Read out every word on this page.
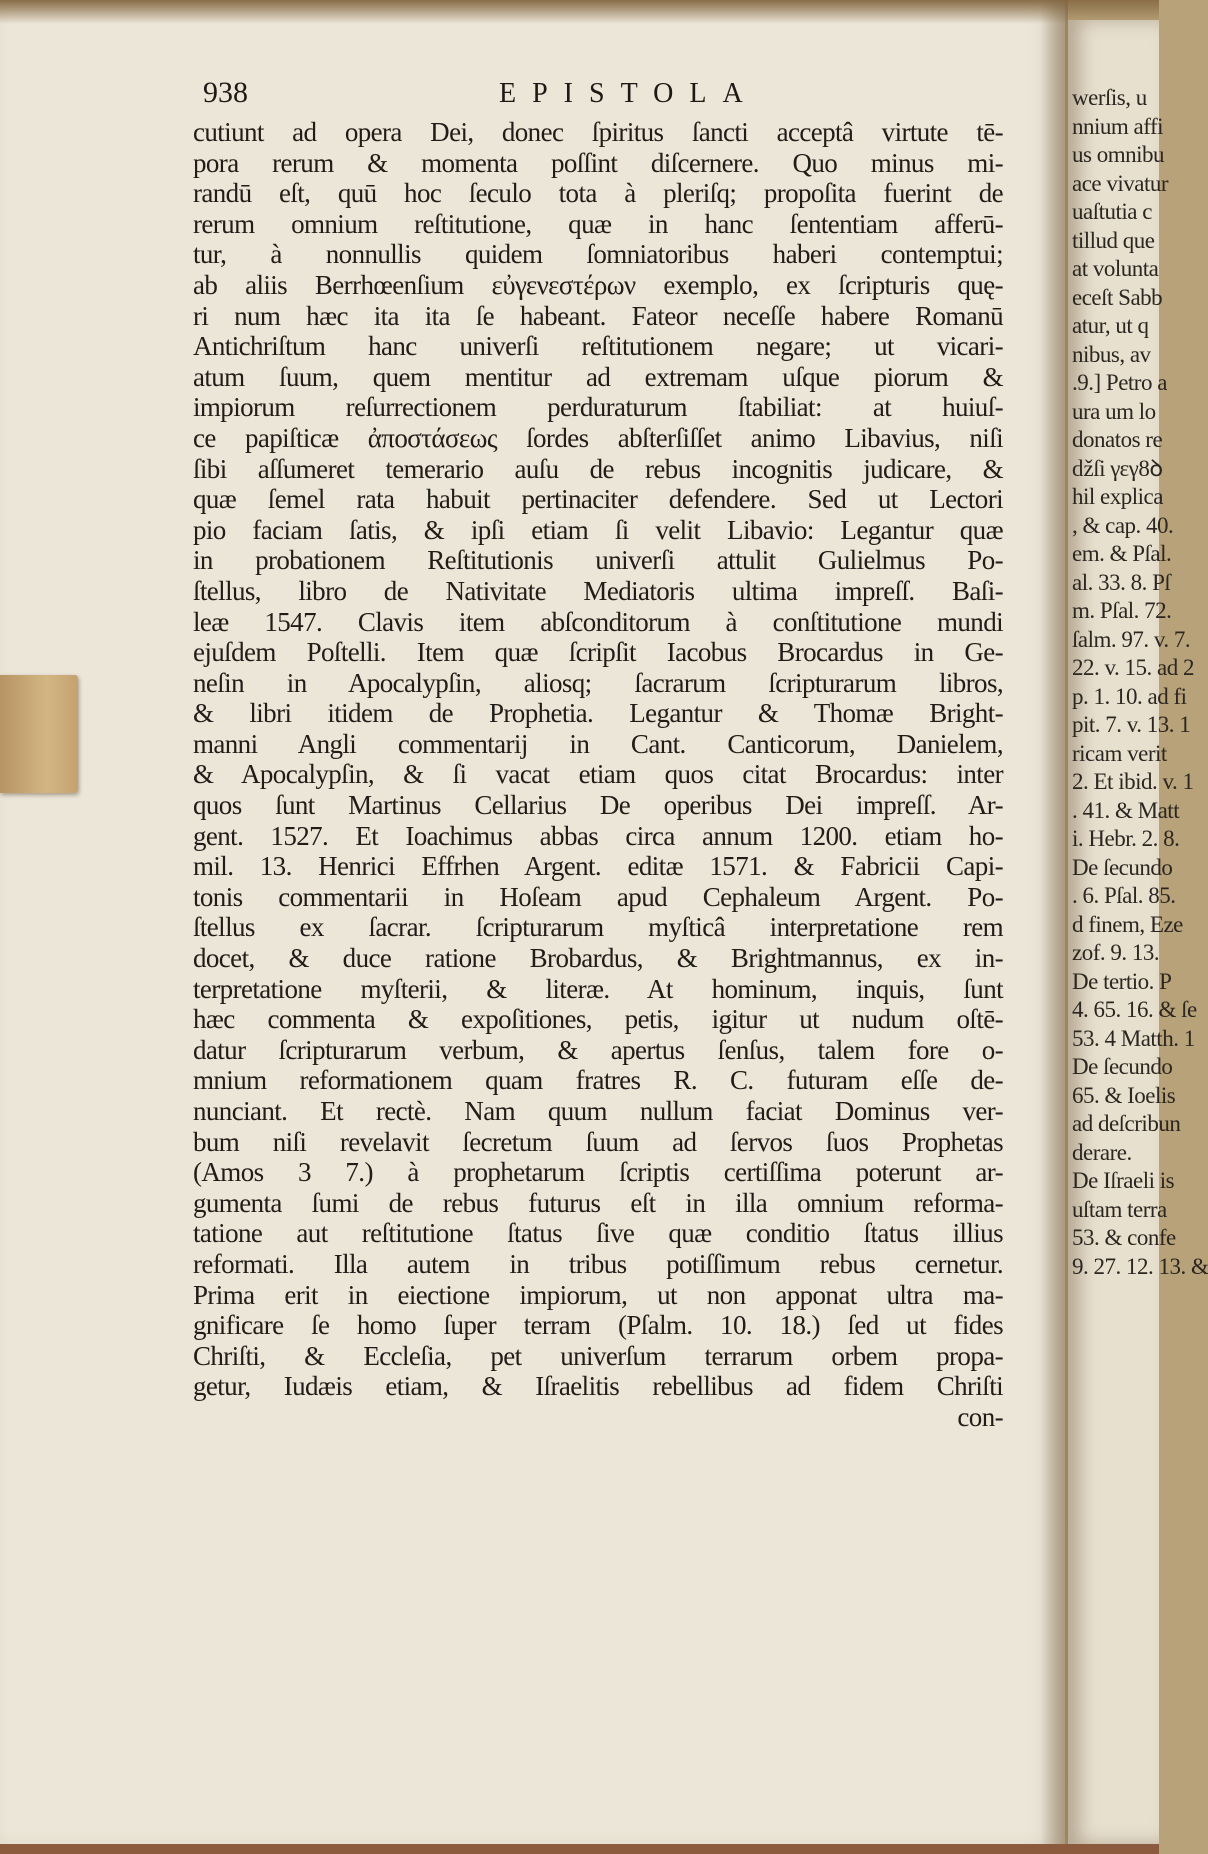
938	EPISTOLA
cutiunt ad opera Dei, donec ſpiritus ſancti acceptâ virtute tē-
pora rerum & momenta poſſint diſcernere. Quo minus mi-
randū eſt, quū hoc ſeculo tota à pleriſq; propoſita fuerint de
rerum omnium reſtitutione, quæ in hanc ſententiam afferū-
tur, à nonnullis quidem ſomniatoribus haberi contemptui;
ab aliis Berrhœenſium εὐγενεστέρων exemplo, ex ſcripturis quę-
ri num hæc ita ita ſe habeant. Fateor neceſſe habere Romanū
Antichriſtum hanc univerſi reſtitutionem negare; ut vicari-
atum ſuum, quem mentitur ad extremam uſque piorum &
impiorum reſurrectionem perduraturum ſtabiliat: at huiuſ-
ce papiſticæ ἀποστάσεως ſordes abſterſiſſet animo Libavius, niſi
ſibi aſſumeret temerario auſu de rebus incognitis judicare, &
quæ ſemel rata habuit pertinaciter defendere. Sed ut Lectori
pio faciam ſatis, & ipſi etiam ſi velit Libavio: Legantur quæ
in probationem Reſtitutionis univerſi attulit Gulielmus Po-
ſtellus, libro de Nativitate Mediatoris ultima impreſſ. Baſi-
leæ 1547. Clavis item abſconditorum à conſtitutione mundi
ejuſdem Poſtelli. Item quæ ſcripſit Iacobus Brocardus in Ge-
neſin in Apocalypſin, aliosq; ſacrarum ſcripturarum libros,
& libri itidem de Prophetia. Legantur & Thomæ Bright-
manni Angli commentarij in Cant. Canticorum, Danielem,
& Apocalypſin, & ſi vacat etiam quos citat Brocardus: inter
quos ſunt Martinus Cellarius De operibus Dei impreſſ. Ar-
gent. 1527. Et Ioachimus abbas circa annum 1200. etiam ho-
mil. 13. Henrici Effrhen Argent. editæ 1571. & Fabricii Capi-
tonis commentarii in Hoſeam apud Cephaleum Argent. Po-
ſtellus ex ſacrar. ſcripturarum myſticâ interpretatione rem
docet, & duce ratione Brobardus, & Brightmannus, ex in-
terpretatione myſterii, & literæ. At hominum, inquis, ſunt
hæc commenta & expoſitiones, petis, igitur ut nudum oſtē-
datur ſcripturarum verbum, & apertus ſenſus, talem fore o-
mnium reformationem quam fratres R. C. futuram eſſe de-
nunciant. Et rectè. Nam quum nullum faciat Dominus ver-
bum niſi revelavit ſecretum ſuum ad ſervos ſuos Prophetas
(Amos 3 7.) à prophetarum ſcriptis certiſſima poterunt ar-
gumenta ſumi de rebus futurus eſt in illa omnium reforma-
tatione aut reſtitutione ſtatus ſive quæ conditio ſtatus illius
reformati. Illa autem in tribus potiſſimum rebus cernetur.
Prima erit in eiectione impiorum, ut non apponat ultra ma-
gnificare ſe homo ſuper terram (Pſalm. 10. 18.) ſed ut fides
Chriſti, & Eccleſia, pet univerſum terrarum orbem propa-
getur, Iudæis etiam, & Iſraelitis rebellibus ad fidem Chriſti
con-
werſis, u
nnium affi
us omnibu
ace vivatur
uaſtutia c
tillud que
at volunta
eceſt Sabb
atur, ut q
nibus, av
.9.] Petro a
ura um lo
donatos re
ǆſi γεγ8ꝺ
hil explica
, & cap. 40.
em. & Pſal.
al. 33. 8. Pſ
m. Pſal. 72.
ſalm. 97. v. 7.
22. v. 15. ad 2
p. 1. 10. ad fi
pit. 7. v. 13. 1
ricam verit
2. Et ibid. v. 1
. 41. & Matt
i. Hebr. 2. 8.
De ſecundo
. 6. Pſal. 85.
d finem, Eze
zof. 9. 13.
De tertio. P
4. 65. 16. & ſe
53. 4 Matth. 1
De ſecundo
65. & Ioelis
ad deſcribun
derare.
De Iſraeli is
uſtam terra
53. & confe
9. 27. 12. 13. &
